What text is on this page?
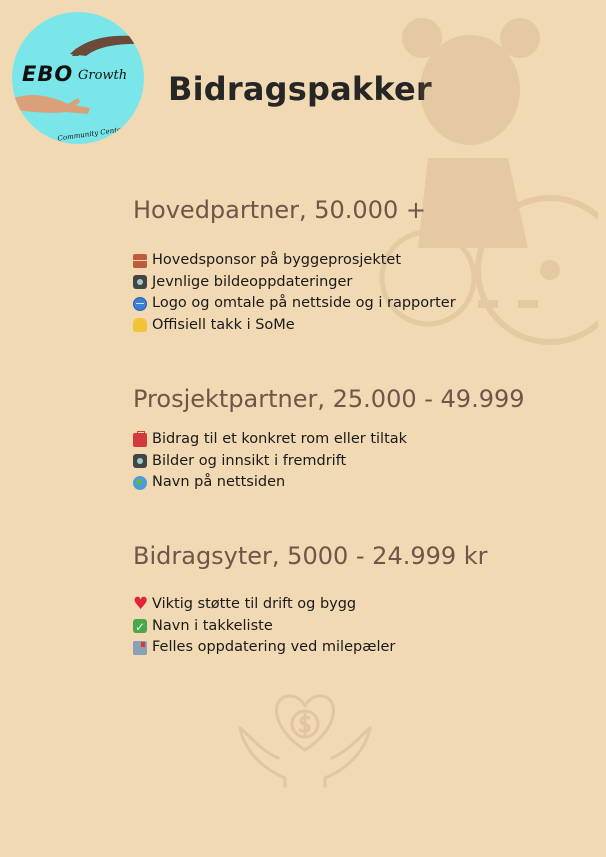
EBO Growth
Community Center
Bidragspakker
Hovedpartner, 50.000 +
Hovedsponsor på byggeprosjektet
Jevnlige bildeoppdateringer
Logo og omtale på nettside og i rapporter
Offisiell takk i SoMe
Prosjektpartner, 25.000 - 49.999
Bidrag til et konkret rom eller tiltak
Bilder og innsikt i fremdrift
Navn på nettsiden
Bidragsyter, 5000 - 24.999 kr
♥
Viktig støtte til drift og bygg
✓
Navn i takkeliste
Felles oppdatering ved milepæler
